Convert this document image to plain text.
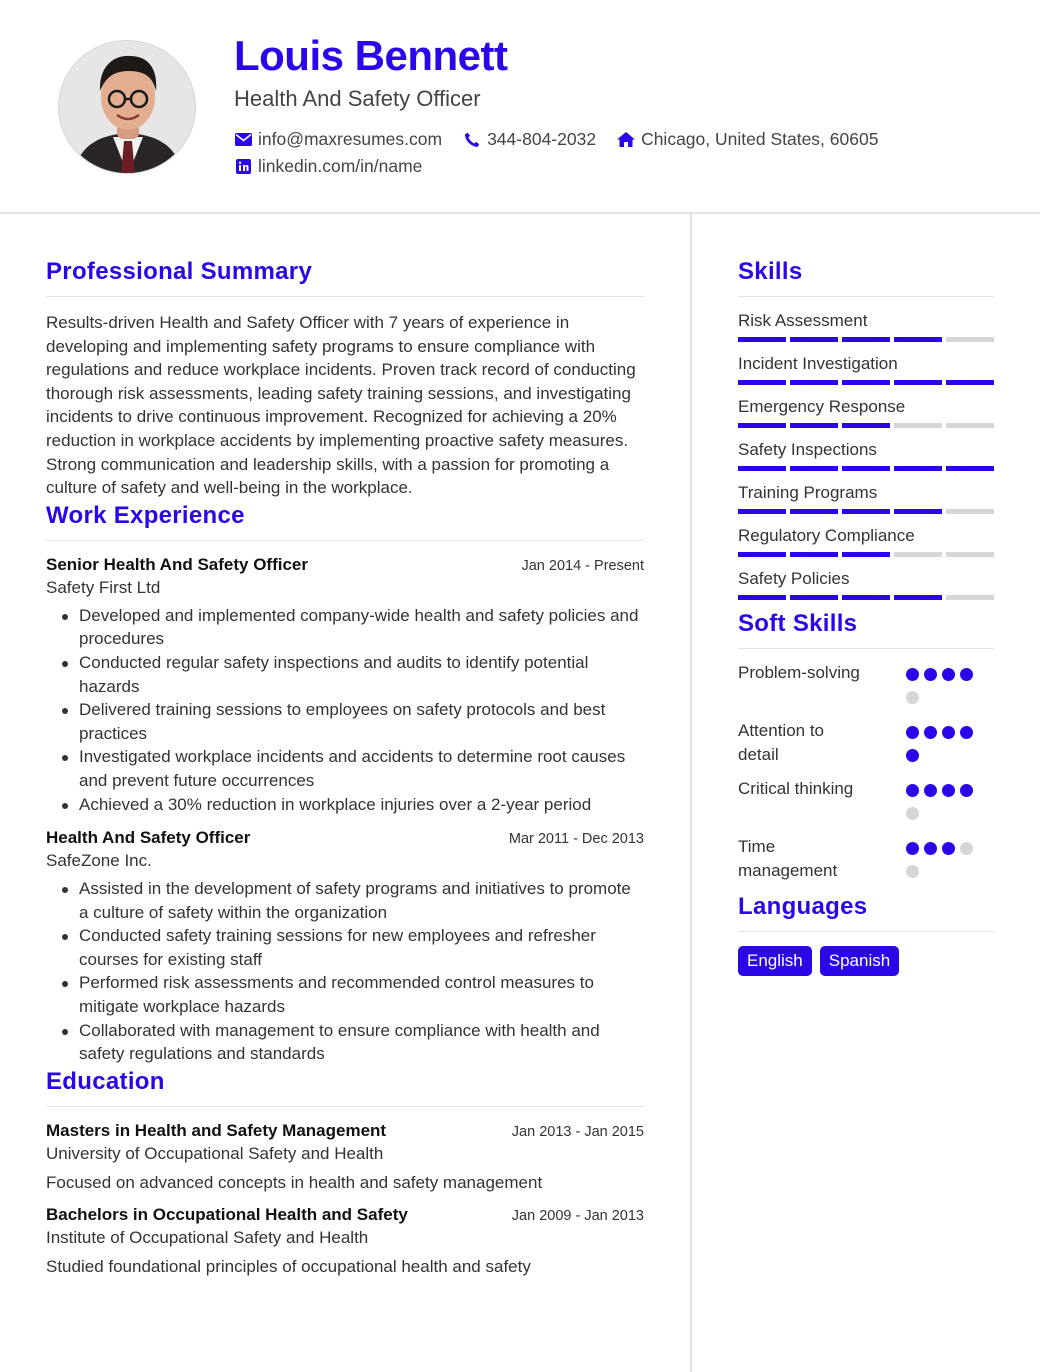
Louis Bennett
Health And Safety Officer
info@maxresumes.com	344-804-2032	Chicago, United States, 60605
linkedin.com/in/name
Professional Summary

Results-driven Health and Safety Officer with 7 years of experience in developing and implementing safety programs to ensure compliance with regulations and reduce workplace incidents. Proven track record of conducting thorough risk assessments, leading safety training sessions, and investigating incidents to drive continuous improvement. Recognized for achieving a 20% reduction in workplace accidents by implementing proactive safety measures. Strong communication and leadership skills, with a passion for promoting a culture of safety and well-being in the workplace.

Work Experience
Senior Health And Safety Officer	Jan 2014 - Present
Safety First Ltd
Developed and implemented company-wide health and safety policies and procedures
Conducted regular safety inspections and audits to identify potential hazards
Delivered training sessions to employees on safety protocols and best practices
Investigated workplace incidents and accidents to determine root causes and prevent future occurrences
Achieved a 30% reduction in workplace injuries over a 2-year period
Health And Safety Officer	Mar 2011 - Dec 2013
SafeZone Inc.
Assisted in the development of safety programs and initiatives to promote a culture of safety within the organization
Conducted safety training sessions for new employees and refresher courses for existing staff
Performed risk assessments and recommended control measures to mitigate workplace hazards
Collaborated with management to ensure compliance with health and safety regulations and standards
Education
Masters in Health and Safety Management	Jan 2013 - Jan 2015
University of Occupational Safety and Health
Focused on advanced concepts in health and safety management
Bachelors in Occupational Health and Safety	Jan 2009 - Jan 2013
Institute of Occupational Safety and Health
Studied foundational principles of occupational health and safety
Skills
Risk Assessment
Incident Investigation
Emergency Response
Safety Inspections
Training Programs
Regulatory Compliance
Safety Policies
Soft Skills
Problem-solving
Attention to detail
Critical thinking
Time management
Languages
English	Spanish
